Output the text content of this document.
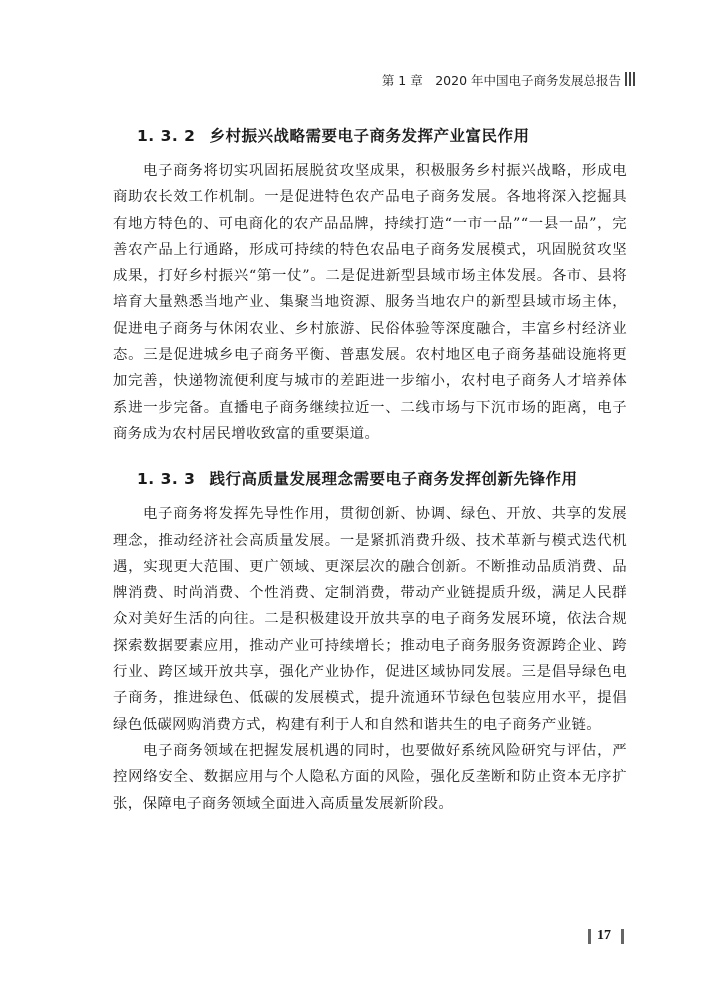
第 1 章　2020 年中国电子商务发展总报告
1. 3. 2 乡村振兴战略需要电子商务发挥产业富民作用

电子商务将切实巩固拓展脱贫攻坚成果，积极服务乡村振兴战略，形成电商助农长效工作机制。一是促进特色农产品电子商务发展。各地将深入挖掘具有地方特色的、可电商化的农产品品牌，持续打造“一市一品”“一县一品”，完善农产品上行通路，形成可持续的特色农品电子商务发展模式，巩固脱贫攻坚成果，打好乡村振兴“第一仗”。二是促进新型县域市场主体发展。各市、县将培育大量熟悉当地产业、集聚当地资源、服务当地农户的新型县域市场主体，促进电子商务与休闲农业、乡村旅游、民俗体验等深度融合，丰富乡村经济业态。三是促进城乡电子商务平衡、普惠发展。农村地区电子商务基础设施将更加完善，快递物流便利度与城市的差距进一步缩小，农村电子商务人才培养体系进一步完备。直播电子商务继续拉近一、二线市场与下沉市场的距离，电子商务成为农村居民增收致富的重要渠道。

1. 3. 3 践行高质量发展理念需要电子商务发挥创新先锋作用

电子商务将发挥先导性作用，贯彻创新、协调、绿色、开放、共享的发展理念，推动经济社会高质量发展。一是紧抓消费升级、技术革新与模式迭代机遇，实现更大范围、更广领域、更深层次的融合创新。不断推动品质消费、品牌消费、时尚消费、个性消费、定制消费，带动产业链提质升级，满足人民群众对美好生活的向往。二是积极建设开放共享的电子商务发展环境，依法合规探索数据要素应用，推动产业可持续增长；推动电子商务服务资源跨企业、跨行业、跨区域开放共享，强化产业协作，促进区域协同发展。三是倡导绿色电子商务，推进绿色、低碳的发展模式，提升流通环节绿色包装应用水平，提倡绿色低碳网购消费方式，构建有利于人和自然和谐共生的电子商务产业链。

电子商务领域在把握发展机遇的同时，也要做好系统风险研究与评估，严控网络安全、数据应用与个人隐私方面的风险，强化反垄断和防止资本无序扩张，保障电子商务领域全面进入高质量发展新阶段。

17
